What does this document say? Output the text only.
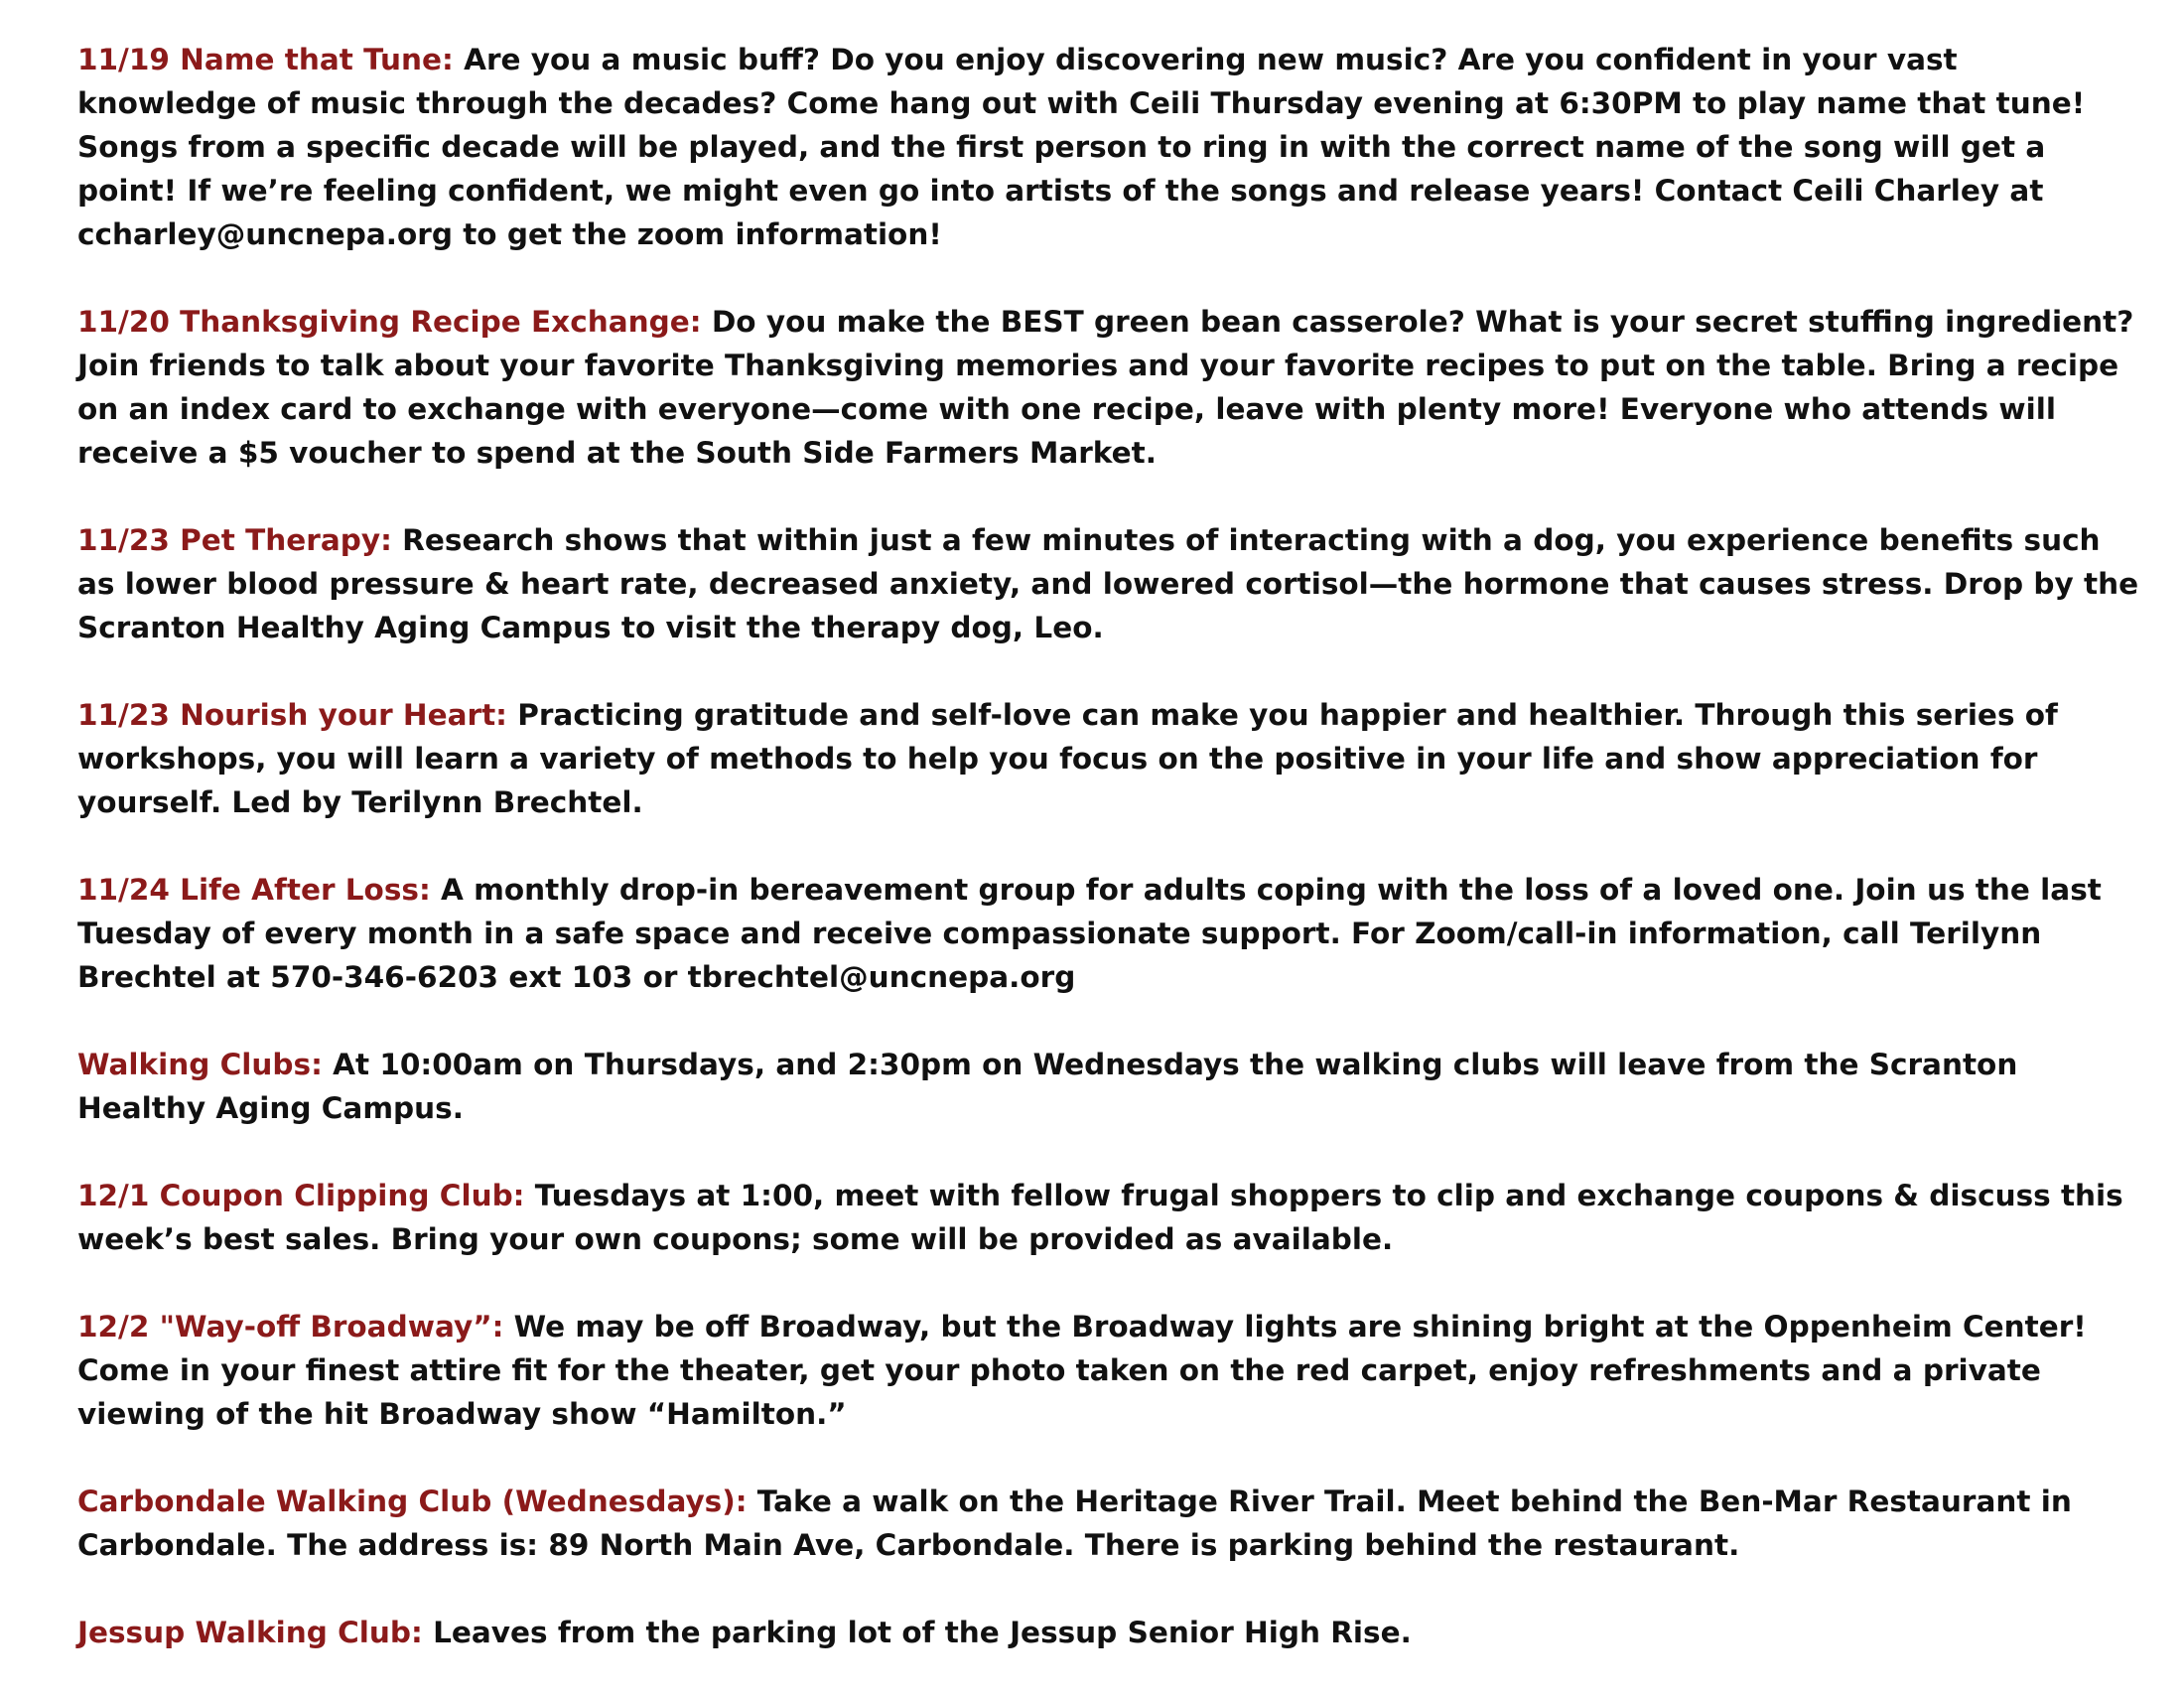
11/19 Name that Tune: Are you a music buff? Do you enjoy discovering new music? Are you confident in your vast knowledge of music through the decades? Come hang out with Ceili Thursday evening at 6:30PM to play name that tune! Songs from a specific decade will be played, and the first person to ring in with the correct name of the song will get a point! If we’re feeling confident, we might even go into artists of the songs and release years! Contact Ceili Charley at ccharley@uncnepa.org to get the zoom information!

11/20 Thanksgiving Recipe Exchange: Do you make the BEST green bean casserole? What is your secret stuffing ingredient? Join friends to talk about your favorite Thanksgiving memories and your favorite recipes to put on the table. Bring a recipe on an index card to exchange with everyone—come with one recipe, leave with plenty more! Everyone who attends will receive a $5 voucher to spend at the South Side Farmers Market.

11/23 Pet Therapy: Research shows that within just a few minutes of interacting with a dog, you experience benefits such as lower blood pressure & heart rate, decreased anxiety, and lowered cortisol—the hormone that causes stress. Drop by the Scranton Healthy Aging Campus to visit the therapy dog, Leo.

11/23 Nourish your Heart: Practicing gratitude and self-love can make you happier and healthier. Through this series of workshops, you will learn a variety of methods to help you focus on the positive in your life and show appreciation for yourself. Led by Terilynn Brechtel.

11/24 Life After Loss: A monthly drop-in bereavement group for adults coping with the loss of a loved one. Join us the last Tuesday of every month in a safe space and receive compassionate support. For Zoom/call-in information, call Terilynn Brechtel at 570-346-6203 ext 103 or tbrechtel@uncnepa.org

Walking Clubs: At 10:00am on Thursdays, and 2:30pm on Wednesdays the walking clubs will leave from the Scranton Healthy Aging Campus.

12/1 Coupon Clipping Club: Tuesdays at 1:00, meet with fellow frugal shoppers to clip and exchange coupons & discuss this week’s best sales. Bring your own coupons; some will be provided as available.

12/2 "Way-off Broadway”: We may be off Broadway, but the Broadway lights are shining bright at the Oppenheim Center! Come in your finest attire fit for the theater, get your photo taken on the red carpet, enjoy refreshments and a private viewing of the hit Broadway show “Hamilton.”

Carbondale Walking Club (Wednesdays): Take a walk on the Heritage River Trail. Meet behind the Ben-Mar Restaurant in Carbondale. The address is: 89 North Main Ave, Carbondale. There is parking behind the restaurant.

Jessup Walking Club: Leaves from the parking lot of the Jessup Senior High Rise.
